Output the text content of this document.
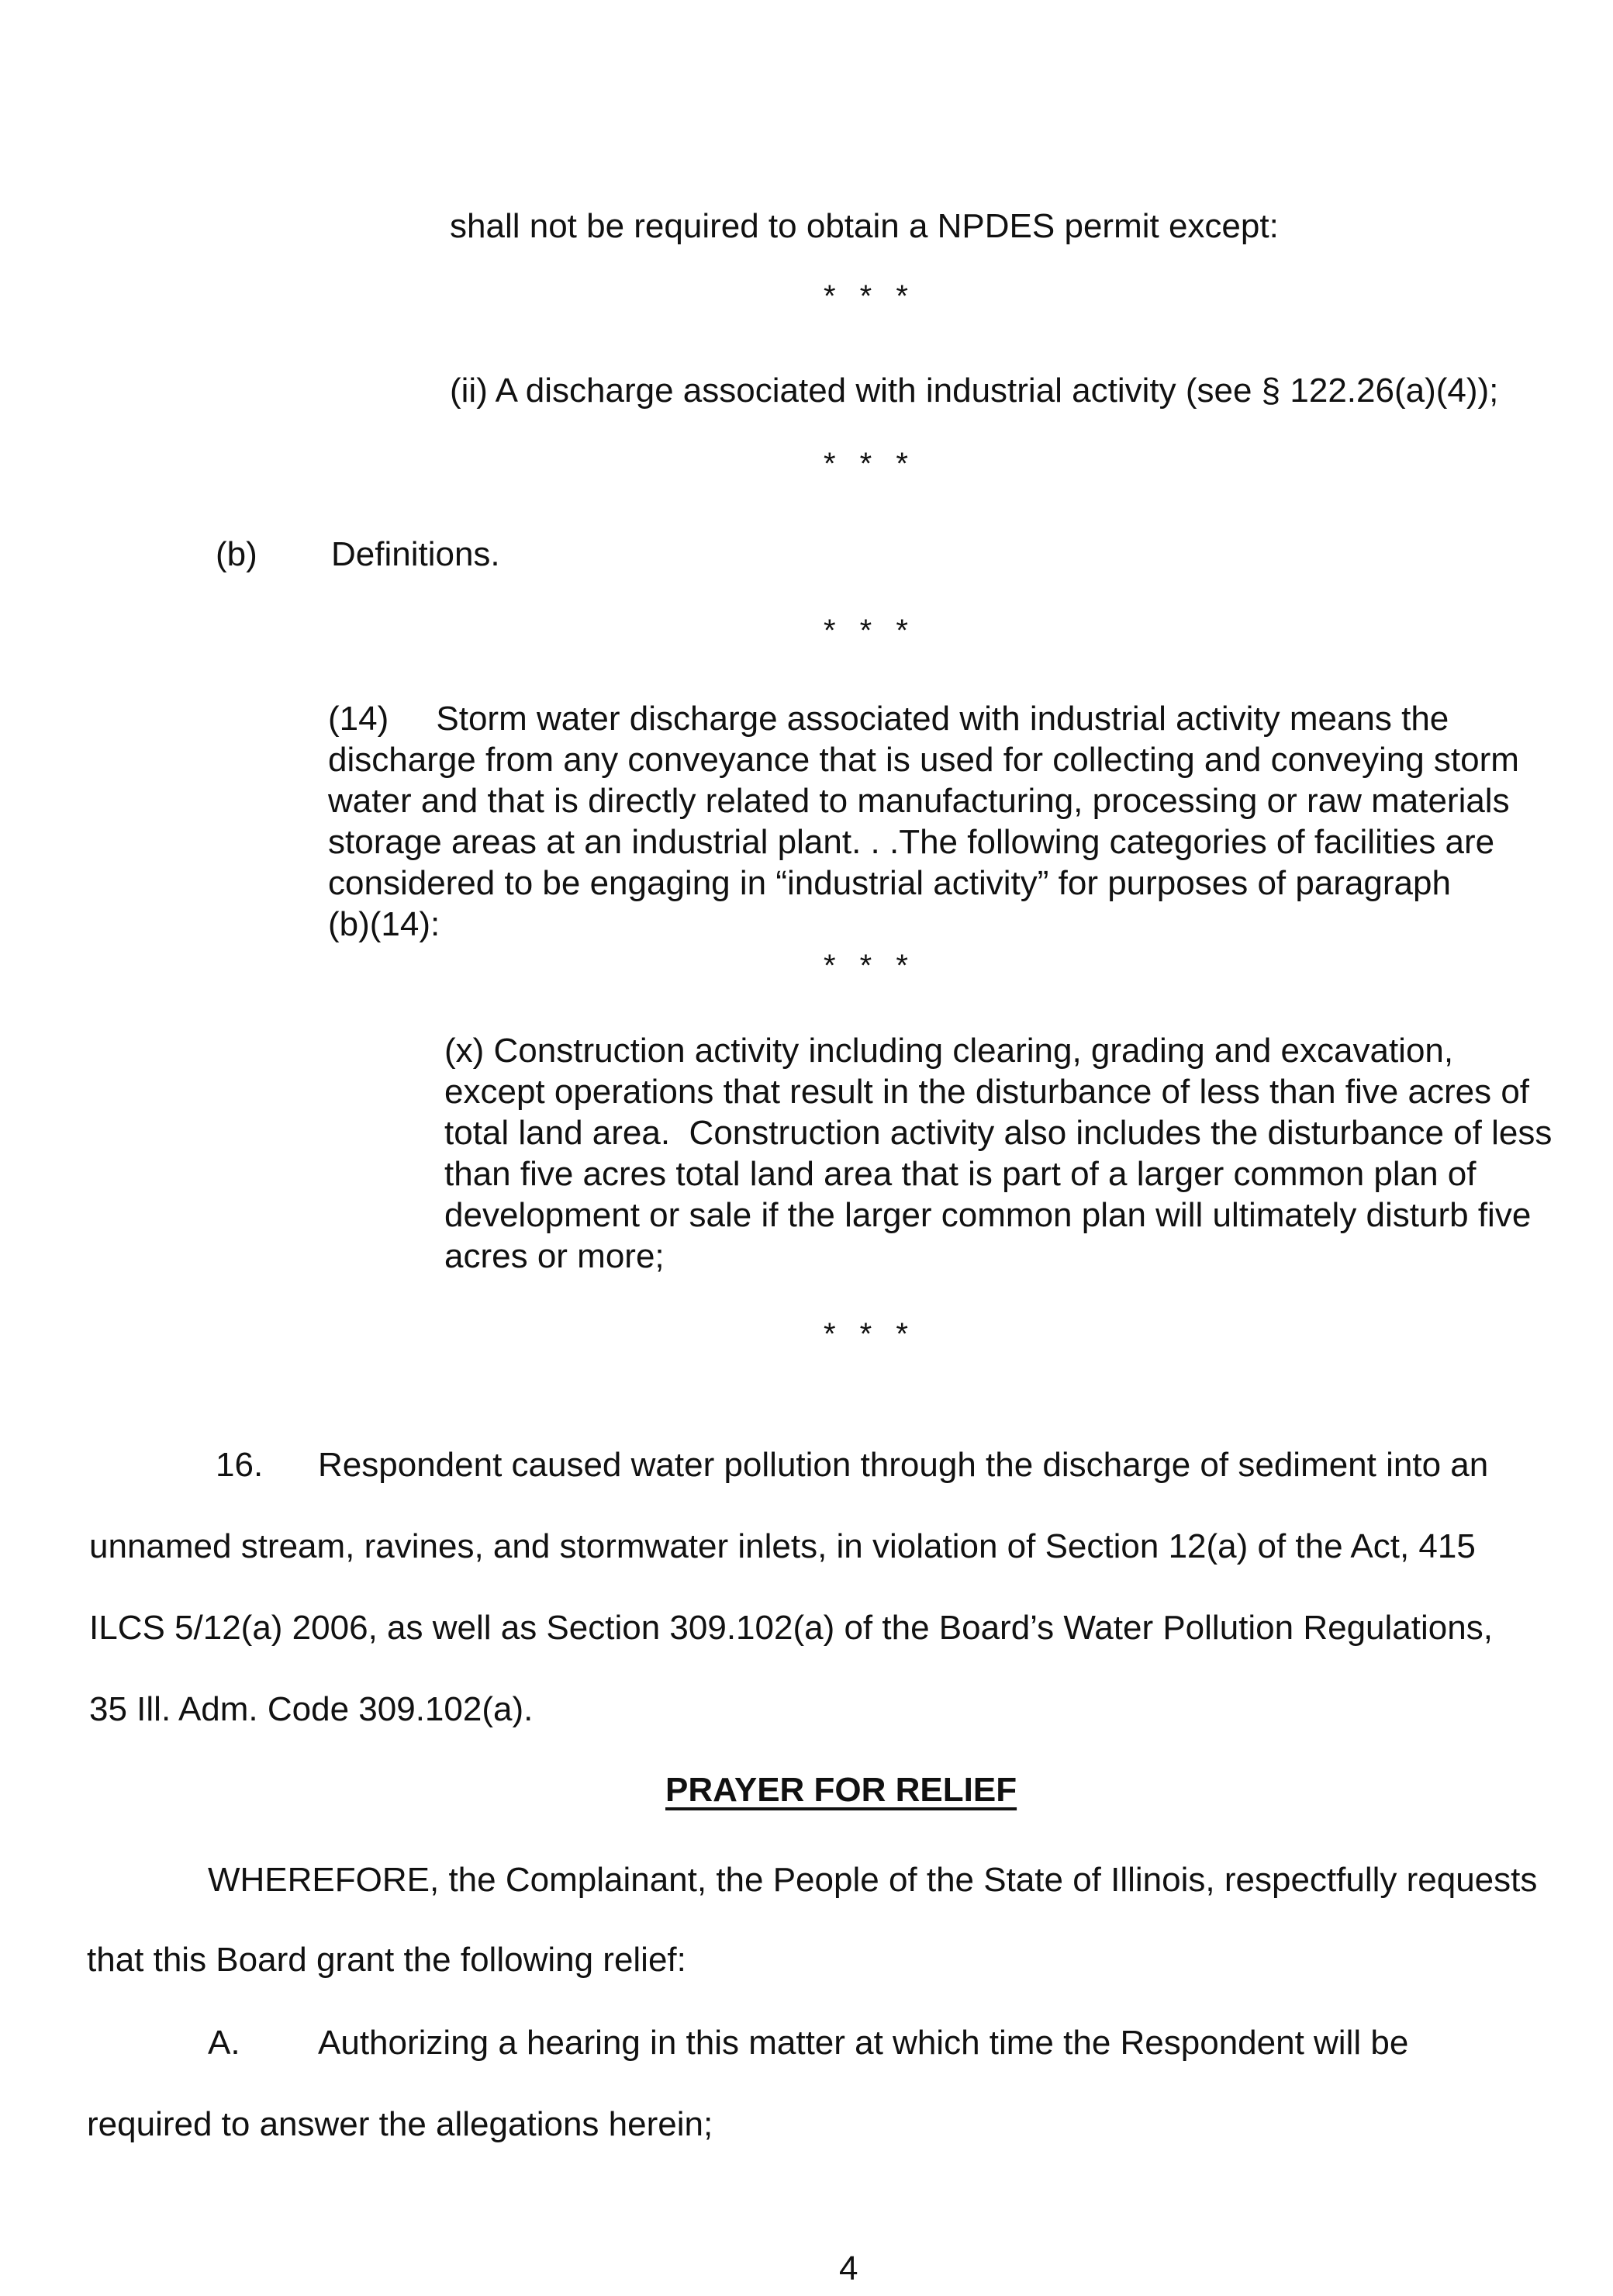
shall not be required to obtain a NPDES permit except:

* * *

(ii) A discharge associated with industrial activity (see § 122.26(a)(4));

* * *

(b) Definitions.

* * *
(14)     Storm water discharge associated with industrial activity means the
discharge from any conveyance that is used for collecting and conveying storm
water and that is directly related to manufacturing, processing or raw materials
storage areas at an industrial plant. . .The following categories of facilities are
considered to be engaging in “industrial activity” for purposes of paragraph
(b)(14):
* * *
(x) Construction activity including clearing, grading and excavation,
except operations that result in the disturbance of less than five acres of
total land area.  Construction activity also includes the disturbance of less
than five acres total land area that is part of a larger common plan of
development or sale if the larger common plan will ultimately disturb five
acres or more;
* * *

16. Respondent caused water pollution through the discharge of sediment into an

unnamed stream, ravines, and stormwater inlets, in violation of Section 12(a) of the Act, 415

ILCS 5/12(a) 2006, as well as Section 309.102(a) of the Board’s Water Pollution Regulations,

35 Ill. Adm. Code 309.102(a).

PRAYER FOR RELIEF

WHEREFORE, the Complainant, the People of the State of Illinois, respectfully requests

that this Board grant the following relief:

A. Authorizing a hearing in this matter at which time the Respondent will be

required to answer the allegations herein;

4
